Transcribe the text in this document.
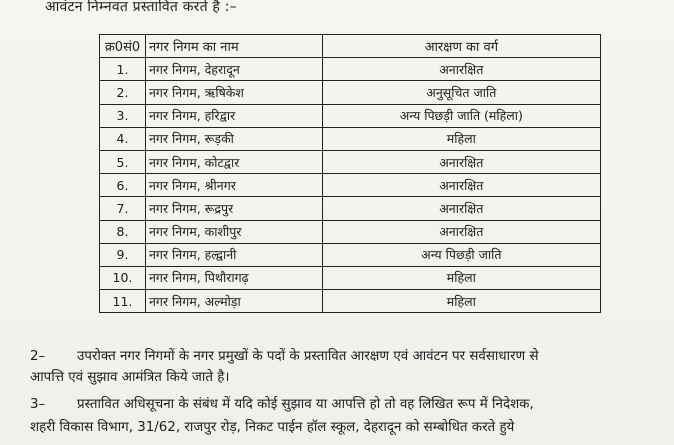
आवंटन निम्नवत प्रस्तावित करते है :–
क्र0सं0	नगर निगम का नाम	आरक्षण का वर्ग
1.	नगर निगम, देहरादून	अनारक्षित
2.	नगर निगम, ऋषिकेश	अनुसूचित जाति
3.	नगर निगम, हरिद्वार	अन्य पिछड़ी जाति (महिला)
4.	नगर निगम, रूड़की	महिला
5.	नगर निगम, कोटद्वार	अनारक्षित
6.	नगर निगम, श्रीनगर	अनारक्षित
7.	नगर निगम, रूद्रपुर	अनारक्षित
8.	नगर निगम, काशीपुर	अनारक्षित
9.	नगर निगम, हल्द्वानी	अन्य पिछड़ी जाति
10.	नगर निगम, पिथौरागढ़	महिला
11.	नगर निगम, अल्मोड़ा	महिला
2– उपरोक्त नगर निगमों के नगर प्रमुखों के पदों के प्रस्तावित आरक्षण एवं आवंटन पर सर्वसाधारण से
आपत्ति एवं सुझाव आमंत्रित किये जाते है।
3– प्रस्तावित अधिसूचना के संबंध में यदि कोई सुझाव या आपत्ति हो तो वह लिखित रूप में निदेशक,
शहरी विकास विभाग, 31/62, राजपुर रोड़, निकट पाईन हॉल स्कूल, देहरादून को सम्बोधित करते हुये
